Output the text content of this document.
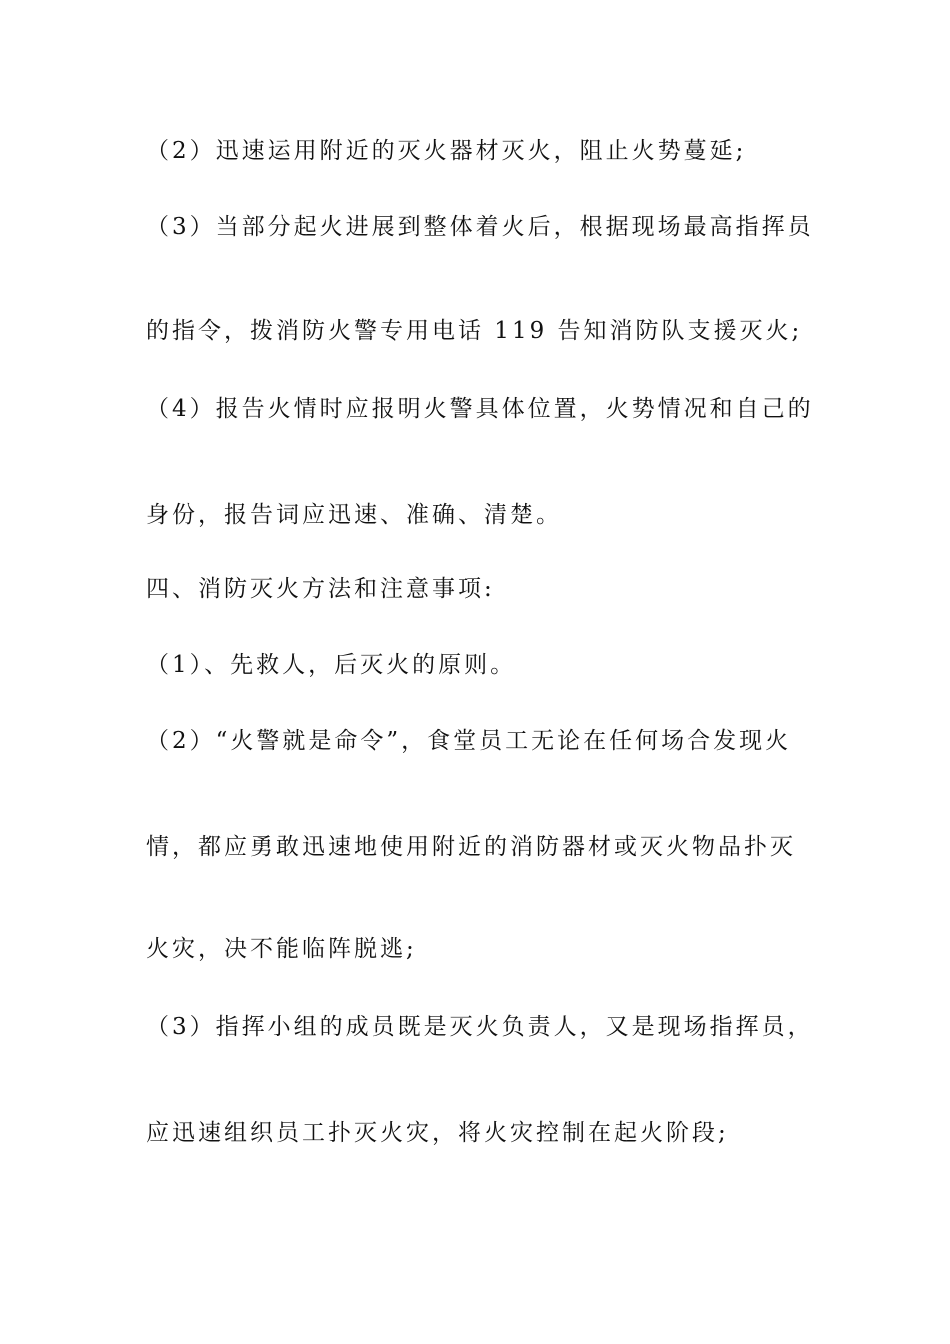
（2）迅速运用附近的灭火器材灭火，阻止火势蔓延;
（3）当部分起火进展到整体着火后，根据现场最高指挥员
的指令，拨消防火警专用电话 119 告知消防队支援灭火;
（4）报告火情时应报明火警具体位置，火势情况和自己的
身份，报告词应迅速、准确、清楚。
四、消防灭火方法和注意事项:
（1）、先救人，后灭火的原则。
（2）“火警就是命令”，食堂员工无论在任何场合发现火
情，都应勇敢迅速地使用附近的消防器材或灭火物品扑灭
火灾，决不能临阵脱逃;
（3）指挥小组的成员既是灭火负责人，又是现场指挥员，
应迅速组织员工扑灭火灾，将火灾控制在起火阶段;
